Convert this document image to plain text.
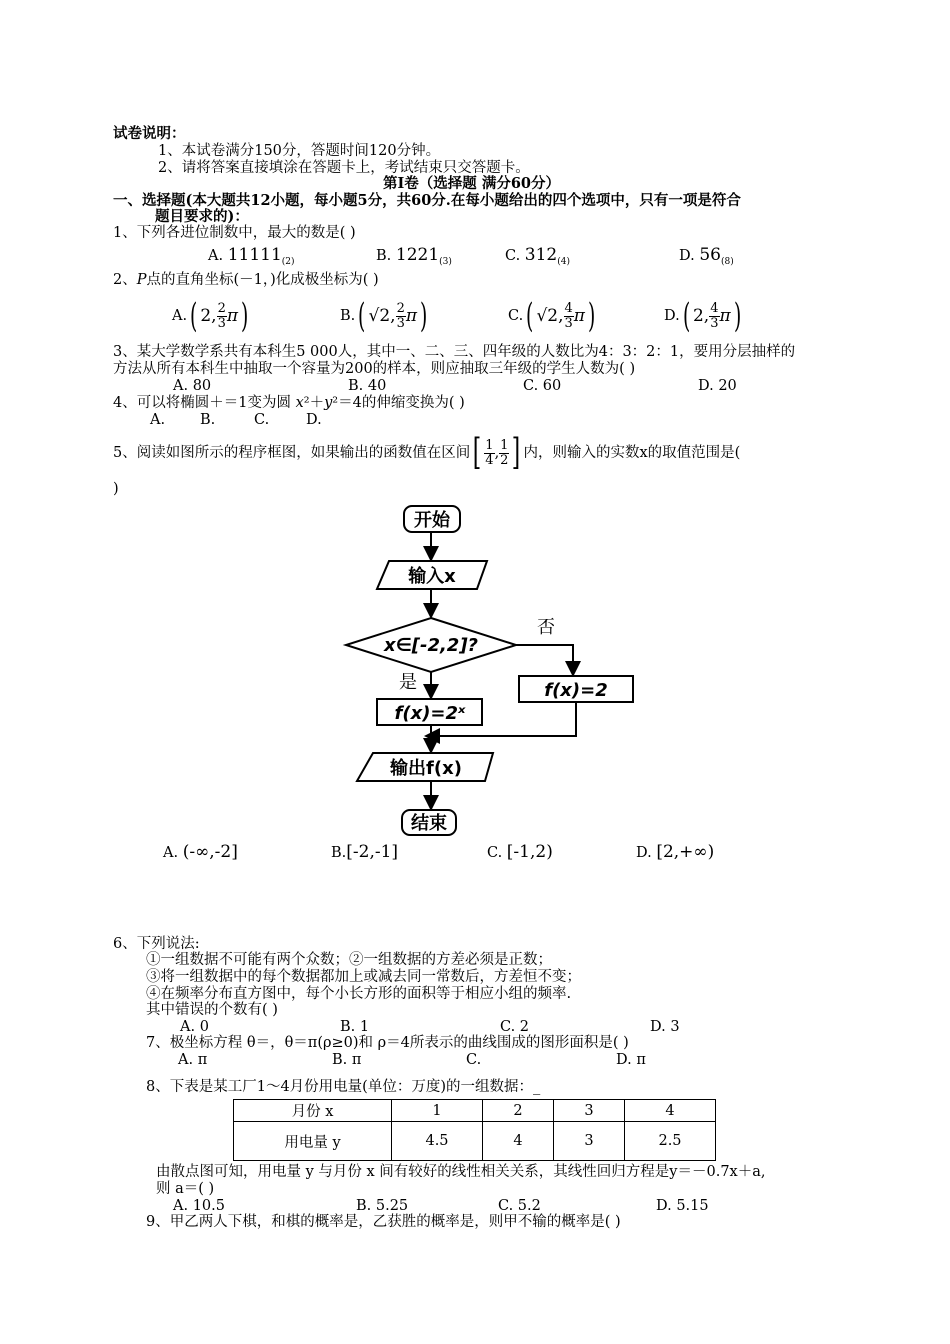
试卷说明：
1、本试卷满分150分，答题时间120分钟。
2、请将答案直接填涂在答题卡上，考试结束只交答题卡。
第Ⅰ卷（选择题 满分60分）
一、选择题(本大题共12小题，每小题5分，共60分.在每小题给出的四个选项中，只有一项是符合
题目要求的)：
1、下列各进位制数中，最大的数是( )
A. $11111_{(2)}$	B. $1221_{(3)}$	C. $312_{(4)}$	D. $56_{(8)}$
2、P点的直角坐标(－1，)化成极坐标为( )
A. ( 2, $\frac{2}{3}$ π )	B. ( √2, $\frac{2}{3}$ π )	C. ( √2, $\frac{4}{3}$ π )	D. ( 2, $\frac{4}{3}$ π )
3、某大学数学系共有本科生5 000人，其中一、二、三、四年级的人数比为4：3：2：1，要用分层抽样的
方法从所有本科生中抽取一个容量为200的样本，则应抽取三年级的学生人数为( )
A. 80	B. 40	C. 60	D. 20
4、可以将椭圆＋＝1变为圆 x²＋y²＝4的伸缩变换为( )
A. B.	C.	D.
5、阅读如图所示的程序框图，如果输出的函数值在区间 [ $\frac{1}{4}$ , $\frac{1}{2}$ ] 内，则输入的实数x的取值范围是(
)
开始
输入x
x∈[-2,2]?
否
是
f(x)=2ˣ
f(x)=2
输出f(x)
结束
A. (-∞,-2]	B.[-2,-1]	C. [-1,2)	D. [2,+∞)
6、下列说法:
①一组数据不可能有两个众数；②一组数据的方差必须是正数；
③将一组数据中的每个数据都加上或减去同一常数后，方差恒不变；
④在频率分布直方图中，每个小长方形的面积等于相应小组的频率.
其中错误的个数有( )
A. 0	B. 1	C. 2	D. 3
7、极坐标方程 θ＝，θ＝π(ρ≥0)和 ρ＝4所表示的曲线围成的图形面积是( )
A. π	B. π	C.	D. π
8、下表是某工厂1～4月份用电量(单位：万度)的一组数据：_
月份 x	1	2	3	4
用电量 y	4.5	4	3	2.5
由散点图可知，用电量 y 与月份 x 间有较好的线性相关关系，其线性回归方程是y＝－0.7x＋a,
则 a＝( )
A. 10.5	B. 5.25	C. 5.2	D. 5.15
9、甲乙两人下棋，和棋的概率是，乙获胜的概率是，则甲不输的概率是( )
